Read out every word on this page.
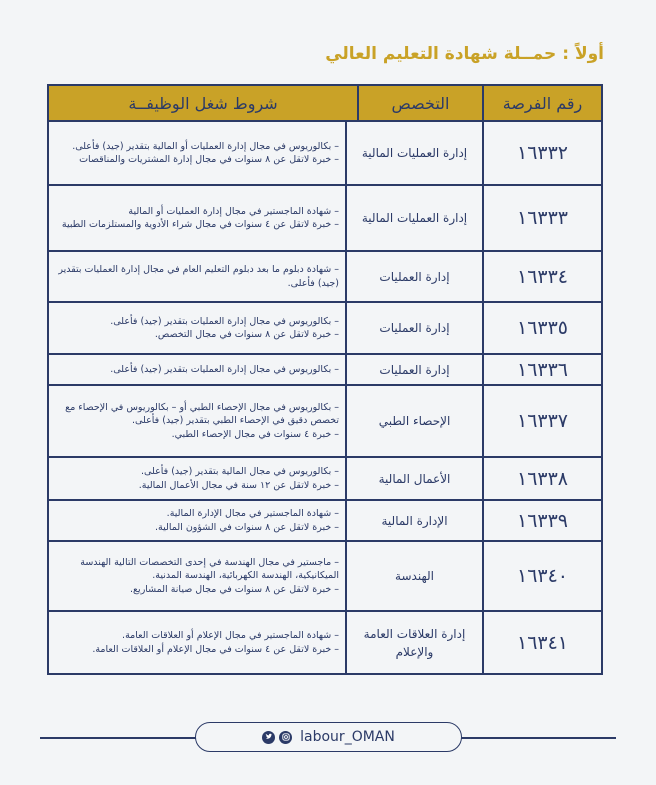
أولاً : حمــلة شهادة التعليم العالي
رقم الفرصة
التخصص
شروط شغل الوظيفــة
١٦٣٣٢
إدارة العمليات المالية
– بكالوريوس في مجال إدارة العمليات أو المالية بتقدير (جيد) فأعلى.
– خبرة لاتقل عن ٨ سنوات في مجال إدارة المشتريات والمناقصات
١٦٣٣٣
إدارة العمليات المالية
– شهادة الماجستير في مجال إدارة العمليات أو المالية
– خبرة لاتقل عن ٤ سنوات في مجال شراء الأدوية والمستلزمات الطبية
١٦٣٣٤
إدارة العمليات
– شهادة دبلوم ما بعد دبلوم التعليم العام في مجال إدارة العمليات بتقدير (جيد) فأعلى.
١٦٣٣٥
إدارة العمليات
– بكالوريوس في مجال إدارة العمليات بتقدير (جيد) فأعلى.
– خبرة لاتقل عن ٨ سنوات في مجال التخصص.
١٦٣٣٦
إدارة العمليات
– بكالوريوس في مجال إدارة العمليات بتقدير (جيد) فأعلى.
١٦٣٣٧
الإحصاء الطبي
– بكالوريوس في مجال الإحصاء الطبي أو – بكالوريوس في الإحصاء مع تخصص دقيق في الإحصاء الطبي بتقدير (جيد) فأعلى.
– خبرة ٤ سنوات في مجال الإحصاء الطبي.
١٦٣٣٨
الأعمال المالية
– بكالوريوس في مجال المالية بتقدير (جيد) فأعلى.
– خبرة لاتقل عن ١٢ سنة في مجال الأعمال المالية.
١٦٣٣٩
الإدارة المالية
– شهادة الماجستير في مجال الإدارة المالية.
– خبرة لاتقل عن ٨ سنوات في الشؤون المالية.
١٦٣٤٠
الهندسة
– ماجستير في مجال الهندسة في إحدى التخصصات التالية الهندسة الميكانيكية، الهندسة الكهربائية، الهندسة المدنية.
– خبرة لاتقل عن ٨ سنوات في مجال صيانة المشاريع.
١٦٣٤١
إدارة العلاقات العامة والإعلام
– شهادة الماجستير في مجال الإعلام أو العلاقات العامة.
– خبرة لاتقل عن ٤ سنوات في مجال الإعلام أو العلاقات العامة.
labour_OMAN
